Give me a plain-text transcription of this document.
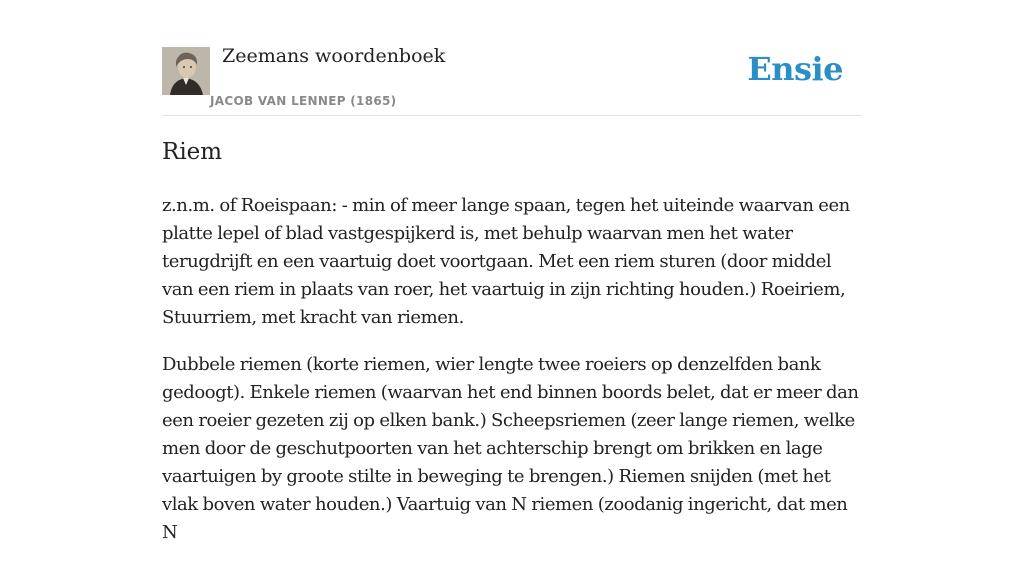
Zeemans woordenboek
JACOB VAN LENNEP (1865)
Ensie
Riem

z.n.m. of Roeispaan: - min of meer lange spaan, tegen het uiteinde waarvan een platte lepel of blad vastgespijkerd is, met behulp waarvan men het water terugdrijft en een vaartuig doet voortgaan. Met een riem sturen (door middel van een riem in plaats van roer, het vaartuig in zijn richting houden.) Roeiriem, Stuurriem, met kracht van riemen.

Dubbele riemen (korte riemen, wier lengte twee roeiers op denzelfden bank gedoogt). Enkele riemen (waarvan het end binnen boords belet, dat er meer dan een roeier gezeten zij op elken bank.) Scheepsriemen (zeer lange riemen, welke men door de geschutpoorten van het achterschip brengt om brikken en lage vaartuigen by groote stilte in beweging te brengen.) Riemen snijden (met het vlak boven water houden.) Vaartuig van N riemen (zoodanig ingericht, dat men N
